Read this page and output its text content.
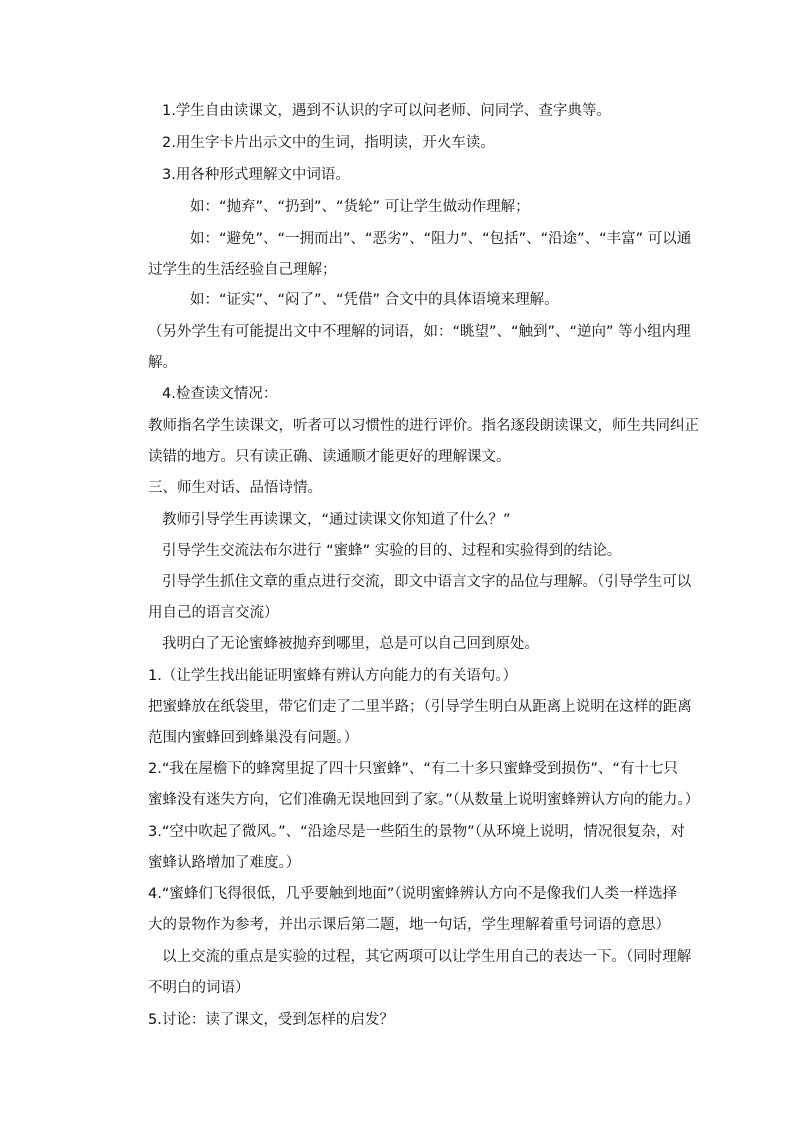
1.学生自由读课文，遇到不认识的字可以问老师、问同学、查字典等。
2.用生字卡片出示文中的生词，指明读，开火车读。
3.用各种形式理解文中词语。
如：“抛弃”、“扔到”、“货轮” 可让学生做动作理解；
如：“避免”、“一拥而出”、“恶劣”、“阻力”、“包括”、“沿途”、“丰富” 可以通
过学生的生活经验自己理解；
如：“证实”、“闷了”、“凭借” 合文中的具体语境来理解。
（另外学生有可能提出文中不理解的词语，如：“眺望”、“触到”、“逆向” 等小组内理
解。
4.检查读文情况：
教师指名学生读课文，听者可以习惯性的进行评价。指名逐段朗读课文，师生共同纠正
读错的地方。只有读正确、读通顺才能更好的理解课文。
三、师生对话、品悟诗情。
教师引导学生再读课文，“通过读课文你知道了什么？”
引导学生交流法布尔进行 “蜜蜂” 实验的目的、过程和实验得到的结论。
引导学生抓住文章的重点进行交流，即文中语言文字的品位与理解。（引导学生可以
用自己的语言交流）
我明白了无论蜜蜂被抛弃到哪里，总是可以自己回到原处。
1.（让学生找出能证明蜜蜂有辨认方向能力的有关语句。）
把蜜蜂放在纸袋里，带它们走了二里半路；（引导学生明白从距离上说明在这样的距离
范围内蜜蜂回到蜂巢没有问题。）
2.“我在屋檐下的蜂窝里捉了四十只蜜蜂”、“有二十多只蜜蜂受到损伤”、“有十七只
蜜蜂没有迷失方向，它们准确无误地回到了家。”（从数量上说明蜜蜂辨认方向的能力。）
3.“空中吹起了微风。”、“沿途尽是一些陌生的景物”（从环境上说明，情况很复杂，对
蜜蜂认路增加了难度。）
4.“蜜蜂们飞得很低，几乎要触到地面”（说明蜜蜂辨认方向不是像我们人类一样选择
大的景物作为参考，并出示课后第二题，地一句话，学生理解着重号词语的意思）
以上交流的重点是实验的过程，其它两项可以让学生用自己的表达一下。（同时理解
不明白的词语）
5.讨论：读了课文，受到怎样的启发？
